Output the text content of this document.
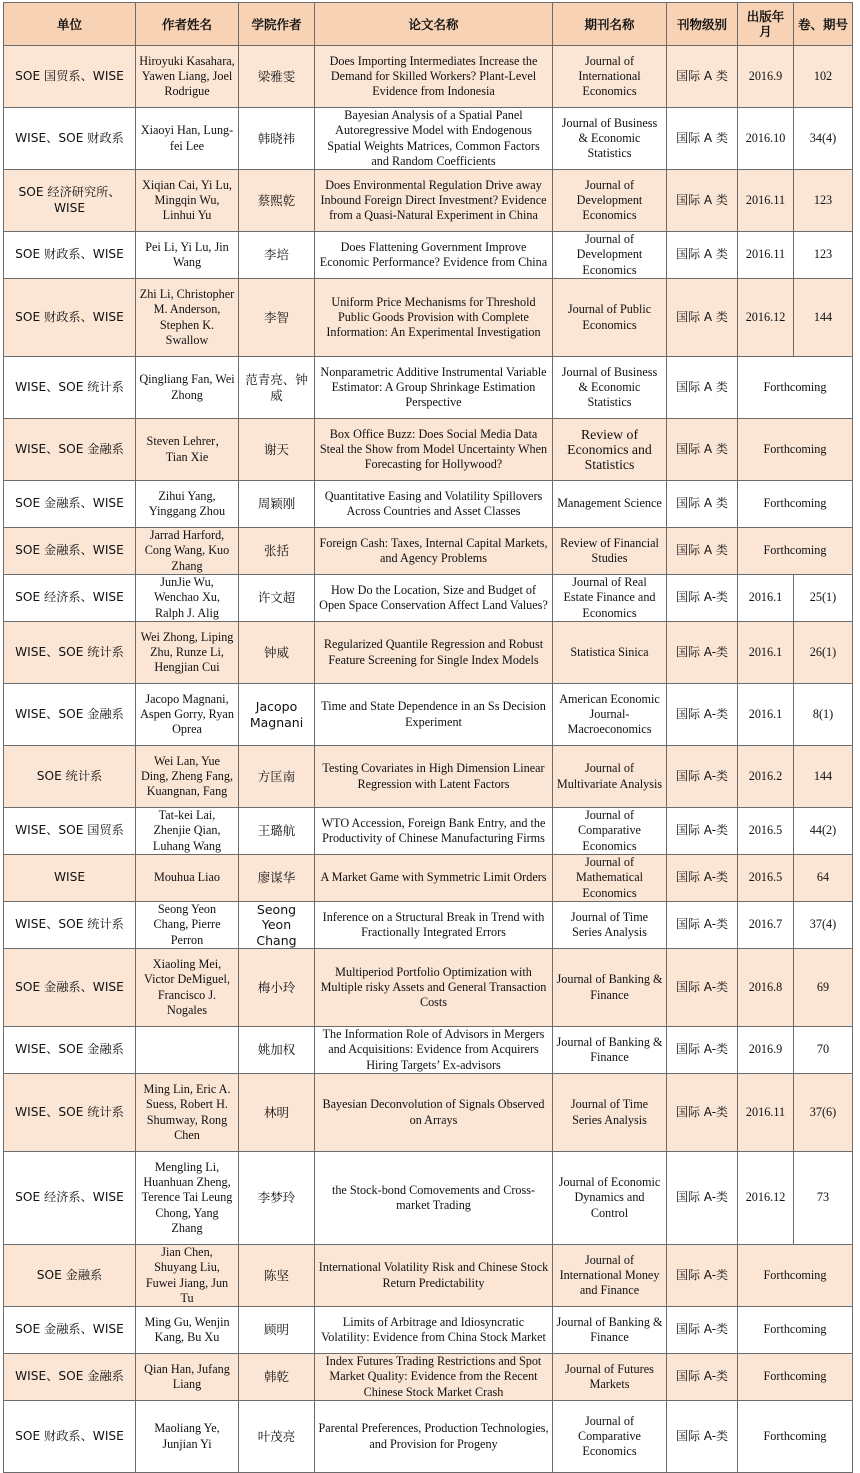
单位	作者姓名	学院作者	论文名称	期刊名称	刊物级别	出版年月	卷、期号
SOE 国贸系、WISE	Hiroyuki Kasahara, Yawen Liang, Joel Rodrigue	梁雅雯	Does Importing Intermediates Increase the Demand for Skilled Workers? Plant-Level Evidence from Indonesia	Journal of International Economics	国际 A 类	2016.9	102
WISE、SOE 财政系	Xiaoyi Han, Lung-fei Lee	韩晓祎	Bayesian Analysis of a Spatial Panel Autoregressive Model with Endogenous Spatial Weights Matrices, Common Factors and Random Coefficients	Journal of Business & Economic Statistics	国际 A 类	2016.10	34(4)
SOE 经济研究所、WISE	Xiqian Cai, Yi Lu, Mingqin Wu, Linhui Yu	蔡熙乾	Does Environmental Regulation Drive away Inbound Foreign Direct Investment? Evidence from a Quasi-Natural Experiment in China	Journal of Development Economics	国际 A 类	2016.11	123
SOE 财政系、WISE	Pei Li, Yi Lu, Jin Wang	李培	Does Flattening Government Improve Economic Performance? Evidence from China	Journal of Development Economics	国际 A 类	2016.11	123
SOE 财政系、WISE	Zhi Li, Christopher M. Anderson, Stephen K. Swallow	李智	Uniform Price Mechanisms for Threshold Public Goods Provision with Complete Information: An Experimental Investigation	Journal of Public Economics	国际 A 类	2016.12	144
WISE、SOE 统计系	Qingliang Fan, Wei Zhong	范青亮、钟威	Nonparametric Additive Instrumental Variable Estimator: A Group Shrinkage Estimation Perspective	Journal of Business & Economic Statistics	国际 A 类	Forthcoming	
WISE、SOE 金融系	Steven Lehrer，Tian Xie	谢天	Box Office Buzz: Does Social Media Data Steal the Show from Model Uncertainty When Forecasting for Hollywood?	Review of Economics and Statistics	国际 A 类	Forthcoming	
SOE 金融系、WISE	Zihui Yang, Yinggang Zhou	周颖刚	Quantitative Easing and Volatility Spillovers Across Countries and Asset Classes	Management Science	国际 A 类	Forthcoming	
SOE 金融系、WISE	Jarrad Harford, Cong Wang, Kuo Zhang	张括	Foreign Cash: Taxes, Internal Capital Markets, and Agency Problems	Review of Financial Studies	国际 A 类	Forthcoming	
SOE 经济系、WISE	JunJie Wu, Wenchao Xu, Ralph J. Alig	许文超	How Do the Location, Size and Budget of Open Space Conservation Affect Land Values?	Journal of Real Estate Finance and Economics	国际 A-类	2016.1	25(1)
WISE、SOE 统计系	Wei Zhong, Liping Zhu, Runze Li, Hengjian Cui	钟威	Regularized Quantile Regression and Robust Feature Screening for Single Index Models	Statistica Sinica	国际 A-类	2016.1	26(1)
WISE、SOE 金融系	Jacopo Magnani, Aspen Gorry, Ryan Oprea	Jacopo Magnani	Time and State Dependence in an Ss Decision Experiment	American Economic Journal-Macroeconomics	国际 A-类	2016.1	8(1)
SOE 统计系	Wei Lan, Yue Ding, Zheng Fang, Kuangnan, Fang	方匡南	Testing Covariates in High Dimension Linear Regression with Latent Factors	Journal of Multivariate Analysis	国际 A-类	2016.2	144
WISE、SOE 国贸系	Tat-kei Lai, Zhenjie Qian, Luhang Wang	王璐航	WTO Accession, Foreign Bank Entry, and the Productivity of Chinese Manufacturing Firms	Journal of Comparative Economics	国际 A-类	2016.5	44(2)
WISE	Mouhua Liao	廖谋华	A Market Game with Symmetric Limit Orders	Journal of Mathematical Economics	国际 A-类	2016.5	64
WISE、SOE 统计系	Seong Yeon Chang, Pierre Perron	Seong Yeon Chang	Inference on a Structural Break in Trend with Fractionally Integrated Errors	Journal of Time Series Analysis	国际 A-类	2016.7	37(4)
SOE 金融系、WISE	Xiaoling Mei, Victor DeMiguel, Francisco J. Nogales	梅小玲	Multiperiod Portfolio Optimization with Multiple risky Assets and General Transaction Costs	Journal of Banking & Finance	国际 A-类	2016.8	69
WISE、SOE 金融系		姚加权	The Information Role of Advisors in Mergers and Acquisitions: Evidence from Acquirers Hiring Targets’ Ex-advisors	Journal of Banking & Finance	国际 A-类	2016.9	70
WISE、SOE 统计系	Ming Lin, Eric A. Suess, Robert H. Shumway, Rong Chen	林明	Bayesian Deconvolution of Signals Observed on Arrays	Journal of Time Series Analysis	国际 A-类	2016.11	37(6)
SOE 经济系、WISE	Mengling Li, Huanhuan Zheng, Terence Tai Leung Chong, Yang Zhang	李梦玲	the Stock-bond Comovements and Cross-market Trading	Journal of Economic Dynamics and Control	国际 A-类	2016.12	73
SOE 金融系	Jian Chen, Shuyang Liu, Fuwei Jiang, Jun Tu	陈坚	International Volatility Risk and Chinese Stock Return Predictability	Journal of International Money and Finance	国际 A-类	Forthcoming	
SOE 金融系、WISE	Ming Gu, Wenjin Kang, Bu Xu	顾明	Limits of Arbitrage and Idiosyncratic Volatility: Evidence from China Stock Market	Journal of Banking & Finance	国际 A-类	Forthcoming	
WISE、SOE 金融系	Qian Han, Jufang Liang	韩乾	Index Futures Trading Restrictions and Spot Market Quality: Evidence from the Recent Chinese Stock Market Crash	Journal of Futures Markets	国际 A-类	Forthcoming	
SOE 财政系、WISE	Maoliang Ye, Junjian Yi	叶茂亮	Parental Preferences, Production Technologies, and Provision for Progeny	Journal of Comparative Economics	国际 A-类	Forthcoming	
